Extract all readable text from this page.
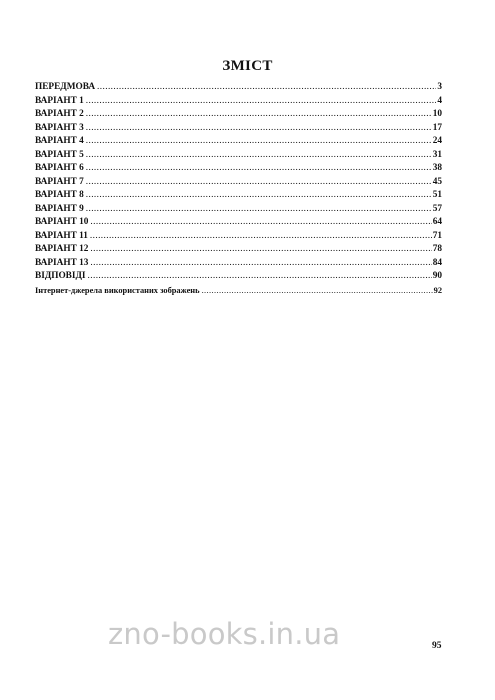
ЗМІСТ
ПЕРЕДМОВА .....	3
ВАРІАНТ 1 .....	4
ВАРІАНТ 2 .....	10
ВАРІАНТ 3 .....	17
ВАРІАНТ 4 .....	24
ВАРІАНТ 5 .....	31
ВАРІАНТ 6 .....	38
ВАРІАНТ 7 .....	45
ВАРІАНТ 8 .....	51
ВАРІАНТ 9 .....	57
ВАРІАНТ 10 .....	64
ВАРІАНТ 11 .....	71
ВАРІАНТ 12 .....	78
ВАРІАНТ 13 .....	84
ВІДПОВІДІ .....	90
Інтернет-джерела використаних зображень .....	92
zno-books.in.ua	95
